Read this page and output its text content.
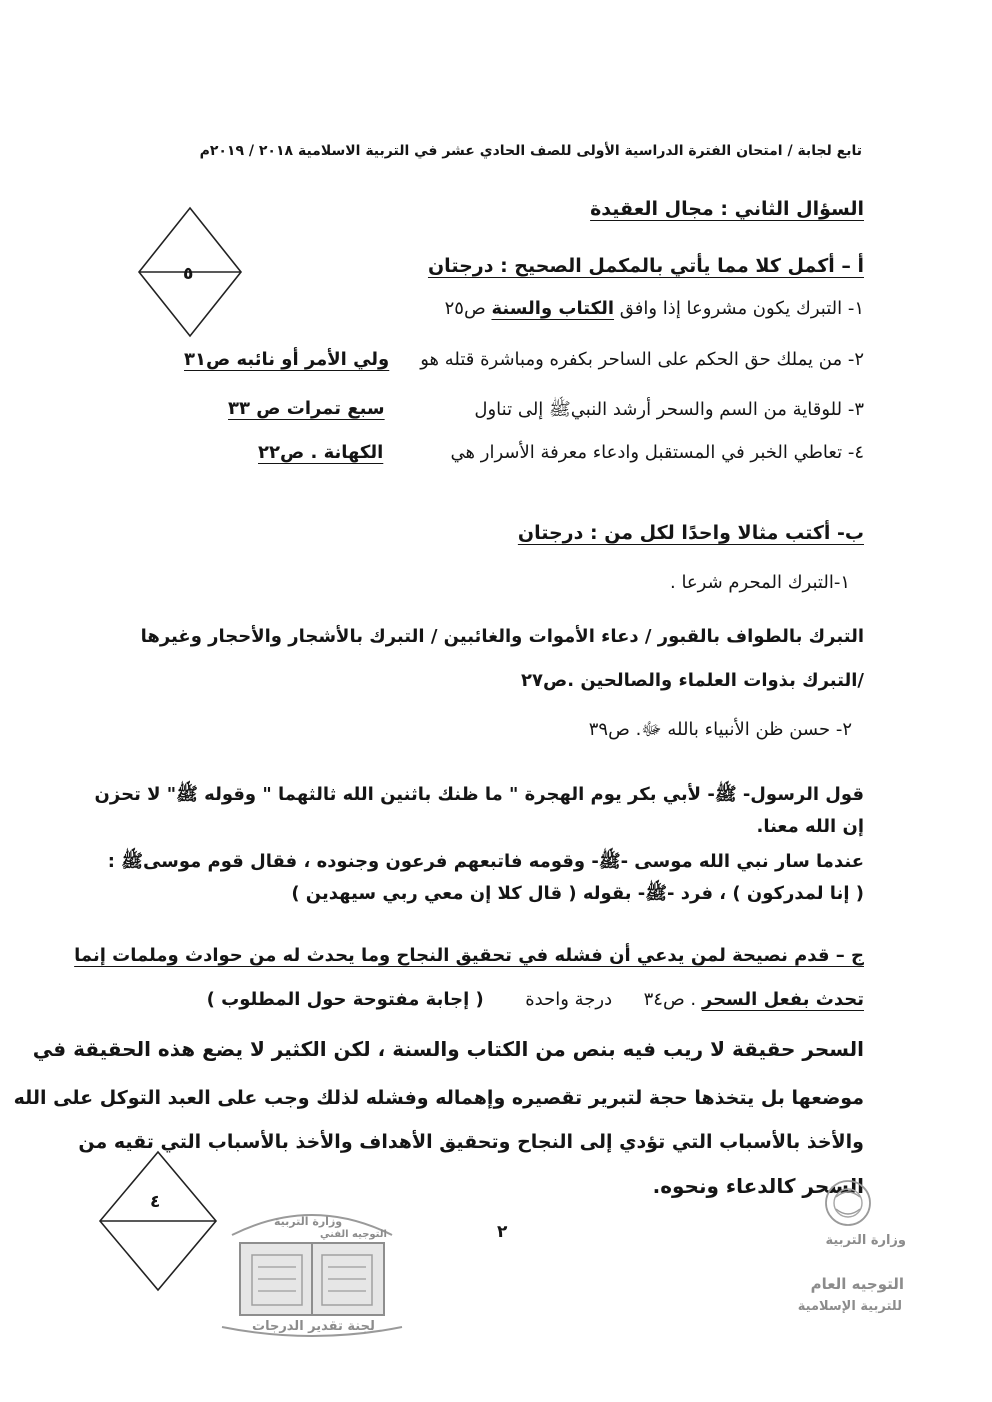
تابع لجابة / امتحان الفترة الدراسية الأولى للصف الحادي عشر في التربية الاسلامية ٢٠١٨ / ٢٠١٩م
السؤال الثاني : مجال العقيدة
٥	أ – أكمل كلا مما يأتي بالمكمل الصحيح : درجتان
١- التبرك يكون مشروعا إذا وافق الكتاب والسنة ص٢٥
٢- من يملك حق الحكم على الساحر بكفره ومباشرة قتله هو
ولي الأمر أو نائبه ص٣١
٣- للوقاية من السم والسحر أرشد النبيﷺ إلى تناول
سبع تمرات ص ٣٣
٤- تعاطي الخبر في المستقبل وادعاء معرفة الأسرار هي
الكهانة . ص٢٢
ب- أكتب مثالا واحدًا لكل من : درجتان
١-التبرك المحرم شرعا .
التبرك بالطواف بالقبور / دعاء الأموات والغائبين / التبرك بالأشجار والأحجار وغيرها
/التبرك بذوات العلماء والصالحين .ص٢٧
٢- حسن ظن الأنبياء بالله ﷻ. ص٣٩
قول الرسول- ﷺ- لأبي بكر يوم الهجرة " ما ظنك باثنين الله ثالثهما " وقوله ﷺ" لا تحزن
إن الله معنا.
عندما سار نبي الله موسى -ﷺ- وقومه فاتبعهم فرعون وجنوده ، فقال قوم موسىﷺ :
( إنا لمدركون ) ، فرد -ﷺ- بقوله ( قال كلا إن معي ربي سيهدين )
ج – قدم نصيحة لمن يدعي أن فشله في تحقيق النجاح وما يحدث له من حوادث وملمات إنما
تحدث بفعل السحر . ص٣٤  درجة واحدة  ( إجابة مفتوحة حول المطلوب )
السحر حقيقة لا ريب فيه بنص من الكتاب والسنة ، لكن الكثير لا يضع هذه الحقيقة في
موضعها بل يتخذها حجة لتبرير تقصيره وإهماله وفشله لذلك وجب على العبد التوكل على الله
والأخذ بالأسباب التي تؤدي إلى النجاح وتحقيق الأهداف والأخذ بالأسباب التي تقيه من
السحر كالدعاء ونحوه.
٤
٢
وزارة التربية
التوجيه الفني
لجنة تقدير الدرجات
وزارة التربية
التوجيه العام
للتربية الإسلامية
